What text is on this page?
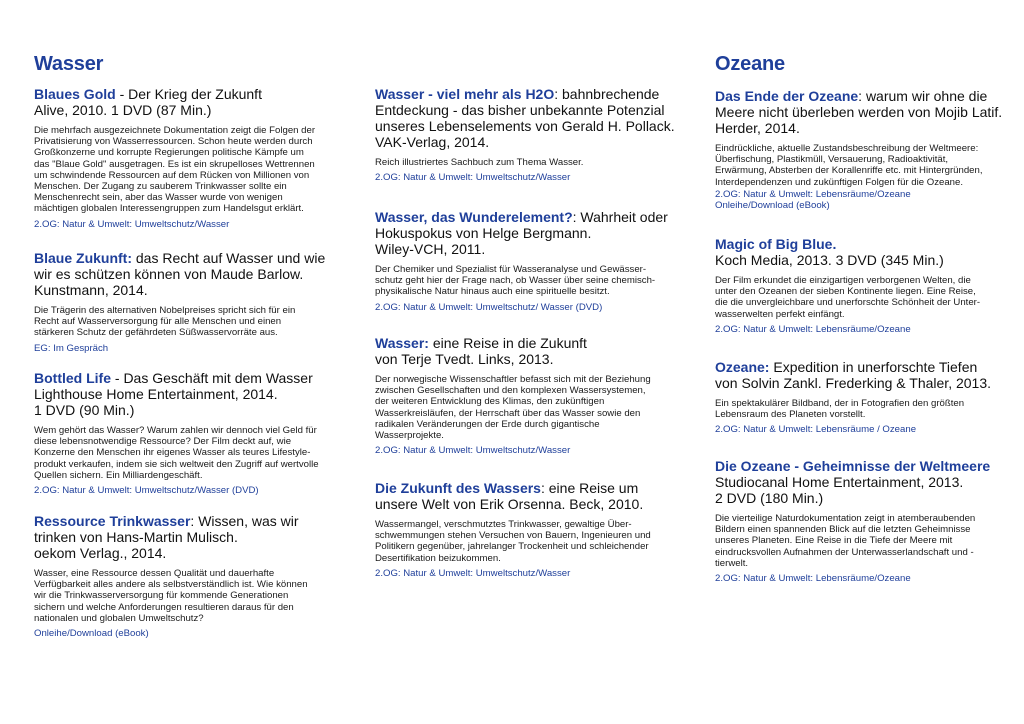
Wasser

Blaues Gold - Der Krieg der Zukunft
Alive, 2010. 1 DVD (87 Min.)

Die mehrfach ausgezeichnete Dokumentation zeigt die Folgen der
Privatisierung von Wasserressourcen. Schon heute werden durch
Großkonzerne und korrupte Regierungen politische Kämpfe um
das "Blaue Gold" ausgetragen. Es ist ein skrupelloses Wettrennen
um schwindende Ressourcen auf dem Rücken von Millionen von
Menschen. Der Zugang zu sauberem Trinkwasser sollte ein
Menschenrecht sein, aber das Wasser wurde von wenigen
mächtigen globalen Interessengruppen zum Handelsgut erklärt.

2.OG: Natur & Umwelt: Umweltschutz/Wasser

Blaue Zukunft: das Recht auf Wasser und wie
wir es schützen können von Maude Barlow.
Kunstmann, 2014.

Die Trägerin des alternativen Nobelpreises spricht sich für ein
Recht auf Wasserversorgung für alle Menschen und einen
stärkeren Schutz der gefährdeten Süßwasservorräte aus.

EG: Im Gespräch

Bottled Life - Das Geschäft mit dem Wasser
Lighthouse Home Entertainment, 2014.
1 DVD (90 Min.)

Wem gehört das Wasser? Warum zahlen wir dennoch viel Geld für
diese lebensnotwendige Ressource? Der Film deckt auf, wie
Konzerne den Menschen ihr eigenes Wasser als teures Lifestyle-
produkt verkaufen, indem sie sich weltweit den Zugriff auf wertvolle
Quellen sichern. Ein Milliardengeschäft.

2.OG: Natur & Umwelt: Umweltschutz/Wasser (DVD)

Ressource Trinkwasser: Wissen, was wir
trinken von Hans-Martin Mulisch.
oekom Verlag., 2014.

Wasser, eine Ressource dessen Qualität und dauerhafte
Verfügbarkeit alles andere als selbstverständlich ist. Wie können
wir die Trinkwasserversorgung für kommende Generationen
sichern und welche Anforderungen resultieren daraus für den
nationalen und globalen Umweltschutz?

Onleihe/Download (eBook)

Wasser - viel mehr als H2O: bahnbrechende
Entdeckung - das bisher unbekannte Potenzial
unseres Lebenselements von Gerald H. Pollack.
VAK-Verlag, 2014.

Reich illustriertes Sachbuch zum Thema Wasser.

2.OG: Natur & Umwelt: Umweltschutz/Wasser

Wasser, das Wunderelement?: Wahrheit oder
Hokuspokus von Helge Bergmann.
Wiley-VCH, 2011.

Der Chemiker und Spezialist für Wasseranalyse und Gewässer-
schutz geht hier der Frage nach, ob Wasser über seine chemisch-
physikalische Natur hinaus auch eine spirituelle besitzt.

2.OG: Natur & Umwelt: Umweltschutz/ Wasser (DVD)

Wasser: eine Reise in die Zukunft
von Terje Tvedt. Links, 2013.

Der norwegische Wissenschaftler befasst sich mit der Beziehung
zwischen Gesellschaften und den komplexen Wassersystemen,
der weiteren Entwicklung des Klimas, den zukünftigen
Wasserkreisläufen, der Herrschaft über das Wasser sowie den
radikalen Veränderungen der Erde durch gigantische
Wasserprojekte.

2.OG: Natur & Umwelt: Umweltschutz/Wasser

Die Zukunft des Wassers: eine Reise um
unsere Welt von Erik Orsenna. Beck, 2010.

Wassermangel, verschmutztes Trinkwasser, gewaltige Über-
schwemmungen stehen Versuchen von Bauern, Ingenieuren und
Politikern gegenüber, jahrelanger Trockenheit und schleichender
Desertifikation beizukommen.

2.OG: Natur & Umwelt: Umweltschutz/Wasser

Ozeane

Das Ende der Ozeane: warum wir ohne die
Meere nicht überleben werden von Mojib Latif.
Herder, 2014.

Eindrückliche, aktuelle Zustandsbeschreibung der Weltmeere:
Überfischung, Plastikmüll, Versauerung, Radioaktivität,
Erwärmung, Absterben der Korallenriffe etc. mit Hintergründen,
Interdependenzen und zukünftigen Folgen für die Ozeane.

2.OG: Natur & Umwelt: Lebensräume/Ozeane
Onleihe/Download (eBook)

Magic of Big Blue.
Koch Media, 2013. 3 DVD (345 Min.)

Der Film erkundet die einzigartigen verborgenen Welten, die
unter den Ozeanen der sieben Kontinente liegen. Eine Reise,
die die unvergleichbare und unerforschte Schönheit der Unter-
wasserwelten perfekt einfängt.

2.OG: Natur & Umwelt: Lebensräume/Ozeane

Ozeane: Expedition in unerforschte Tiefen
von Solvin Zankl. Frederking & Thaler, 2013.

Ein spektakulärer Bildband, der in Fotografien den größten
Lebensraum des Planeten vorstellt.

2.OG: Natur & Umwelt: Lebensräume / Ozeane

Die Ozeane - Geheimnisse der Weltmeere
Studiocanal Home Entertainment, 2013.
2 DVD (180 Min.)

Die vierteilige Naturdokumentation zeigt in atemberaubenden
Bildern einen spannenden Blick auf die letzten Geheimnisse
unseres Planeten. Eine Reise in die Tiefe der Meere mit
eindrucksvollen Aufnahmen der Unterwasserlandschaft und -
tierwelt.

2.OG: Natur & Umwelt: Lebensräume/Ozeane
